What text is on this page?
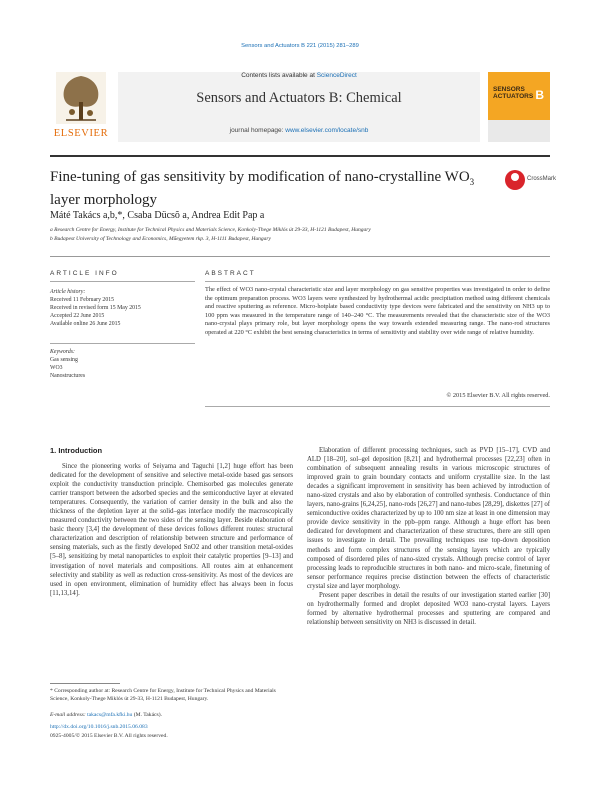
Sensors and Actuators B 221 (2015) 281–289
ELSEVIER
Contents lists available at ScienceDirect
Sensors and Actuators B: Chemical
journal homepage: www.elsevier.com/locate/snb
SENSORS
ACTUATORS B
Fine-tuning of gas sensitivity by modification of nano-crystalline $WO_3$
layer morphology
CrossMark
Máté Takács a,b,*, Csaba Dücsõ a, Andrea Edit Pap a
a Research Centre for Energy, Institute for Technical Physics and Materials Science, Konkoly-Thege Miklós út 29-33, H-1121 Budapest, Hungary
b Budapest University of Technology and Economics, Műegyetem rkp. 3, H-1111 Budapest, Hungary
ARTICLE INFO
Article history:
Received 11 February 2015
Received in revised form 15 May 2015
Accepted 22 June 2015
Available online 26 June 2015
Keywords:
Gas sensing
WO3
Nanostructures
ABSTRACT
The effect of WO3 nano-crystal characteristic size and layer morphology on gas sensitive properties was investigated in order to define the optimum preparation process. WO3 layers were synthesized by hydrothermal acidic precipitation method using different chemicals and reactive sputtering as reference. Micro-hotplate based conductivity type devices were fabricated and the sensitivity on NH3 up to 100 ppm was measured in the temperature range of 140–240 °C. The measurements revealed that the characteristic size of the WO3 nano-crystal plays primary role, but layer morphology opens the way towards extended measuring range. The nano-rod structures operated at 220 °C exhibit the best sensing characteristics in terms of sensitivity and stability over wide range of relative humidity.
© 2015 Elsevier B.V. All rights reserved.
1. Introduction

Since the pioneering works of Seiyama and Taguchi [1,2] huge effort has been dedicated for the development of sensitive and selective metal-oxide based gas sensors exploit the conductivity transduction principle. Chemisorbed gas molecules generate carrier transport between the adsorbed species and the semiconductive layer at elevated temperatures. Consequently, the variation of carrier density in the bulk and also the thickness of the depletion layer at the solid–gas interface modify the macroscopically measured conductivity between the two sides of the sensing layer. Beside elaboration of basic theory [3,4] the development of these devices follows different routes: structural characterization and description of relationship between structure and performance of sensing materials, such as the firstly developed SnO2 and other transition metal-oxides [5–8], sensitizing by metal nanoparticles to exploit their catalytic properties [9–13] and investigation of novel materials and compositions. All routes aim at enhancement selectivity and stability as well as reduction cross-sensitivity. As most of the devices are used in open environment, elimination of humidity effect has always been in focus [11,13,14].

Elaboration of different processing techniques, such as PVD [15–17], CVD and ALD [18–20], sol–gel deposition [8,21] and hydrothermal processes [22,23] often in combination of subsequent annealing results in various microscopic structures of improved grain to grain boundary contacts and uniform crystallite size. In the last decades a significant improvement in sensitivity has been achieved by introduction of nano-sized crystals and also by elaboration of controlled synthesis. Conductance of thin layers, nano-grains [6,24,25], nano-rods [26,27] and nano-tubes [28,29], diskettes [27] of semiconductive oxides characterized by up to 100 nm size at least in one dimension may provide device sensitivity in the ppb–ppm range. Although a huge effort has been dedicated for development and characterization of these structures, there are still open issues to investigate in detail. The prevailing techniques use top-down deposition methods and form complex structures of the sensing layers which are typically composed of disordered piles of nano-sized crystals. Although precise control of layer processing leads to reproducible structures in both nano- and micro-scale, finetuning of sensor performance requires precise distinction between the effects of characteristic crystal size and layer morphology.

Present paper describes in detail the results of our investigation started earlier [30] on hydrothermally formed and droplet deposited WO3 nano-crystal layers. Layers formed by alternative hydrothermal processes and sputtering are compared and relationship between sensitivity on NH3 is discussed in detail.

* Corresponding author at: Research Centre for Energy, Institute for Technical Physics and Materials Science, Konkoly-Thege Miklós út 29-33, H-1121 Budapest, Hungary.
E-mail address: takacs@mfa.kfki.hu (M. Takács).
http://dx.doi.org/10.1016/j.snb.2015.06.083
0925-4005/© 2015 Elsevier B.V. All rights reserved.
